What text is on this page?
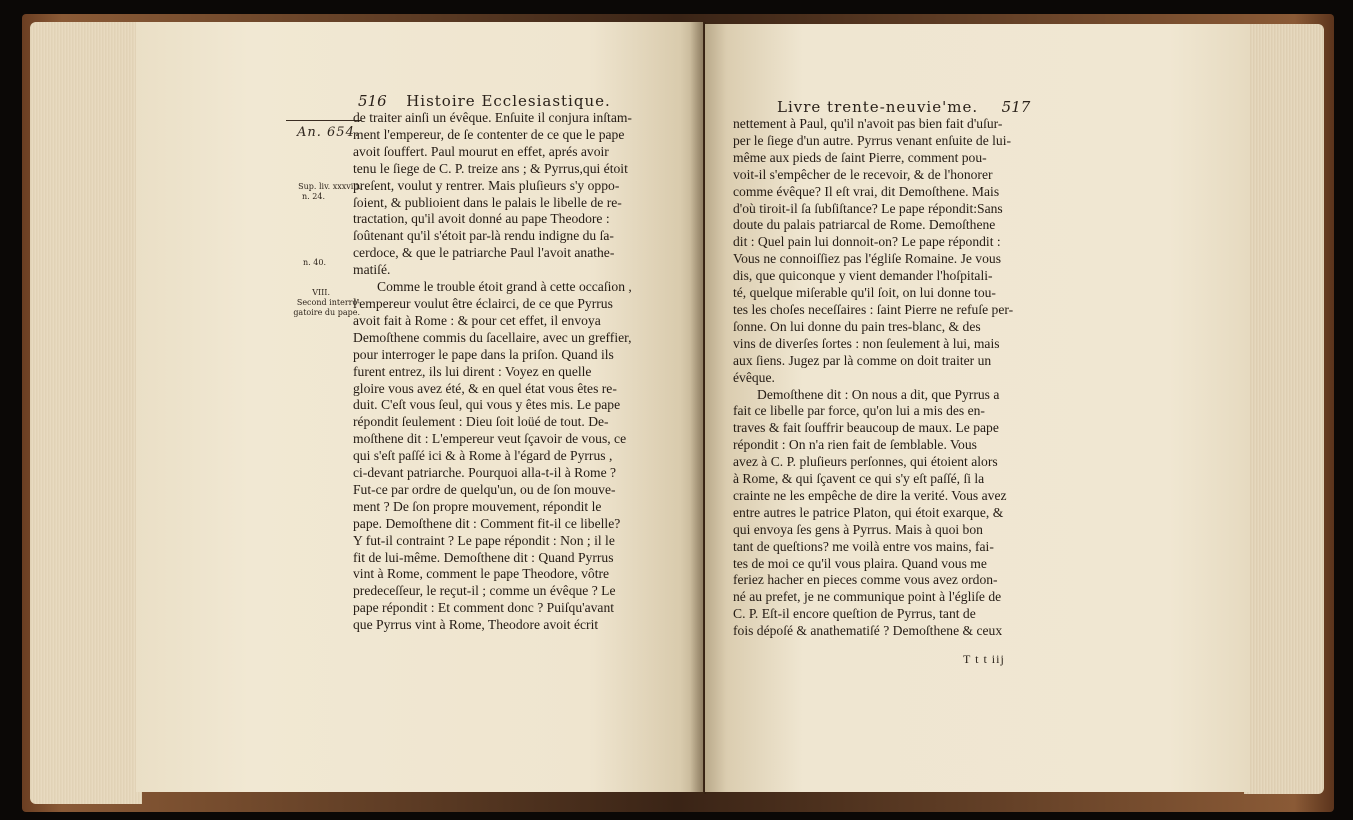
516 Histoire Ecclesiastique.
An. 654.
Sup. liv. xxxviii.
n. 24.
n. 40.
VIII.
Second interro-
gatoire du pape.
de traiter ainſi un évêque. Enſuite il conjura inſtam-
ment l'empereur, de ſe contenter de ce que le pape
avoit ſouffert. Paul mourut en effet, aprés avoir
tenu le ſiege de C. P. treize ans ; & Pyrrus,qui étoit
preſent, voulut y rentrer. Mais pluſieurs s'y oppo-
ſoient, & publioient dans le palais le libelle de re-
tractation, qu'il avoit donné au pape Theodore :
ſoûtenant qu'il s'étoit par-là rendu indigne du ſa-
cerdoce, & que le patriarche Paul l'avoit anathe-
matiſé.
Comme le trouble étoit grand à cette occaſion ,
l'empereur voulut être éclairci, de ce que Pyrrus
avoit fait à Rome : & pour cet effet, il envoya
Demoſthene commis du ſacellaire, avec un greffier,
pour interroger le pape dans la priſon. Quand ils
furent entrez, ils lui dirent : Voyez en quelle
gloire vous avez été, & en quel état vous êtes re-
duit. C'eſt vous ſeul, qui vous y êtes mis. Le pape
répondit ſeulement : Dieu ſoit loüé de tout. De-
moſthene dit : L'empereur veut ſçavoir de vous, ce
qui s'eſt paſſé ici & à Rome à l'égard de Pyrrus ,
ci-devant patriarche. Pourquoi alla-t-il à Rome ?
Fut-ce par ordre de quelqu'un, ou de ſon mouve-
ment ? De ſon propre mouvement, répondit le
pape. Demoſthene dit : Comment fit-il ce libelle?
Y fut-il contraint ? Le pape répondit : Non ; il le
fit de lui-même. Demoſthene dit : Quand Pyrrus
vint à Rome, comment le pape Theodore, vôtre
predeceſſeur, le reçut-il ; comme un évêque ? Le
pape répondit : Et comment donc ? Puiſqu'avant
que Pyrrus vint à Rome, Theodore avoit écrit
Livre trente-neuvie'me. 517
nettement à Paul, qu'il n'avoit pas bien fait d'uſur-
per le ſiege d'un autre. Pyrrus venant enſuite de lui-
même aux pieds de ſaint Pierre, comment pou-
voit-il s'empêcher de le recevoir, & de l'honorer
comme évêque? Il eſt vrai, dit Demoſthene. Mais
d'où tiroit-il ſa ſubſiſtance? Le pape répondit:Sans
doute du palais patriarcal de Rome. Demoſthene
dit : Quel pain lui donnoit-on? Le pape répondit :
Vous ne connoiſſiez pas l'égliſe Romaine. Je vous
dis, que quiconque y vient demander l'hoſpitali-
té, quelque miſerable qu'il ſoit, on lui donne tou-
tes les choſes neceſſaires : ſaint Pierre ne refuſe per-
ſonne. On lui donne du pain tres-blanc, & des
vins de diverſes ſortes : non ſeulement à lui, mais
aux ſiens. Jugez par là comme on doit traiter un
évêque.
Demoſthene dit : On nous a dit, que Pyrrus a
fait ce libelle par force, qu'on lui a mis des en-
traves & fait ſouffrir beaucoup de maux. Le pape
répondit : On n'a rien fait de ſemblable. Vous
avez à C. P. pluſieurs perſonnes, qui étoient alors
à Rome, & qui ſçavent ce qui s'y eſt paſſé, ſi la
crainte ne les empêche de dire la verité. Vous avez
entre autres le patrice Platon, qui étoit exarque, &
qui envoya ſes gens à Pyrrus. Mais à quoi bon
tant de queſtions? me voilà entre vos mains, fai-
tes de moi ce qu'il vous plaira. Quand vous me
feriez hacher en pieces comme vous avez ordon-
né au prefet, je ne communique point à l'égliſe de
C. P. Eſt-il encore queſtion de Pyrrus, tant de
fois dépoſé & anathematiſé ? Demoſthene & ceux
T t t iij
